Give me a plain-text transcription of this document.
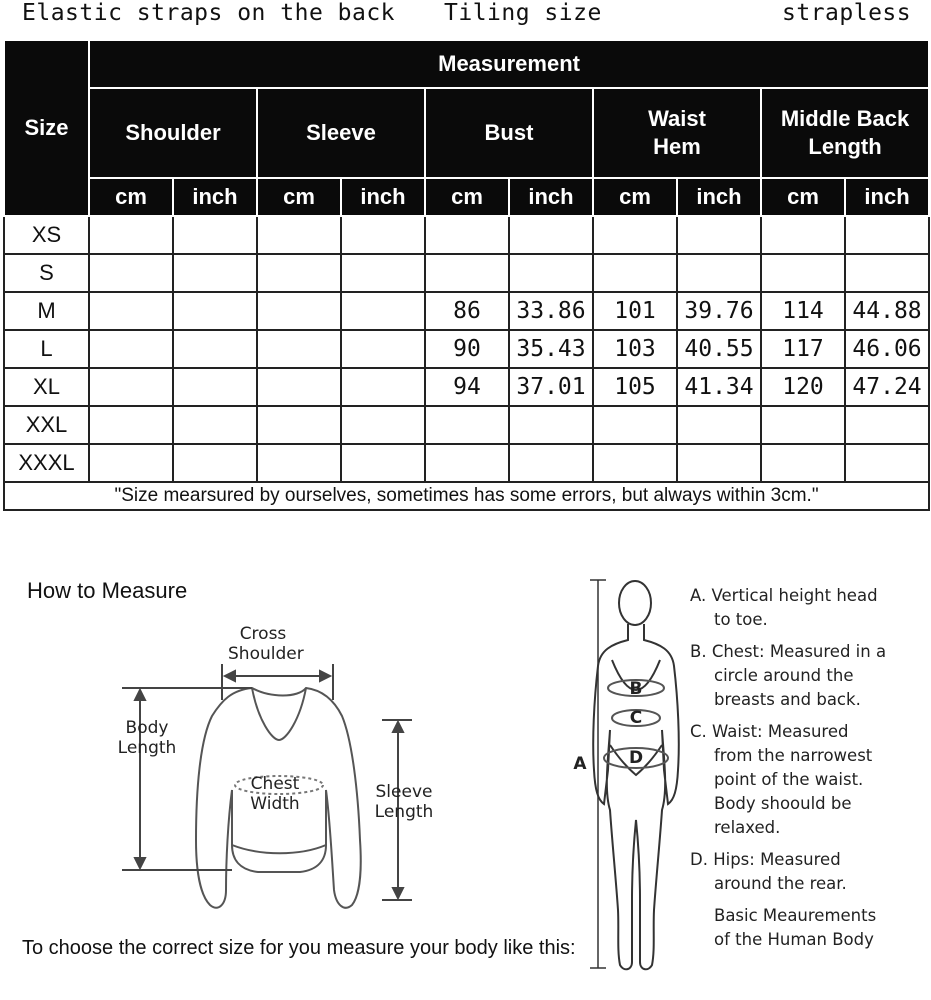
Elastic straps on the back Tiling size	strapless
Size	Measurement									
	Shoulder		Sleeve		Bust		Waist Hem		Middle Back Length	
	cm	inch	cm	inch	cm	inch	cm	inch	cm	inch
XS										
S										
M					86	33.86	101	39.76	114	44.88
L					90	35.43	103	40.55	117	46.06
XL					94	37.01	105	41.34	120	47.24
XXL										
XXXL										
"Size mearsured by ourselves, sometimes has some errors, but always within 3cm."										
How to Measure
Cross
Shoulder
Body
Length
Chest
Width
Sleeve
Length
To choose the correct size for you measure your body like this:
A
B
C
D
A. Vertical height head
to toe.
B. Chest: Measured in a
circle around the
breasts and back.
C. Waist: Measured
from the narrowest
point of the waist.
Body shoould be
relaxed.
D. Hips: Measured
around the rear.
Basic Meaurements
of the Human Body
